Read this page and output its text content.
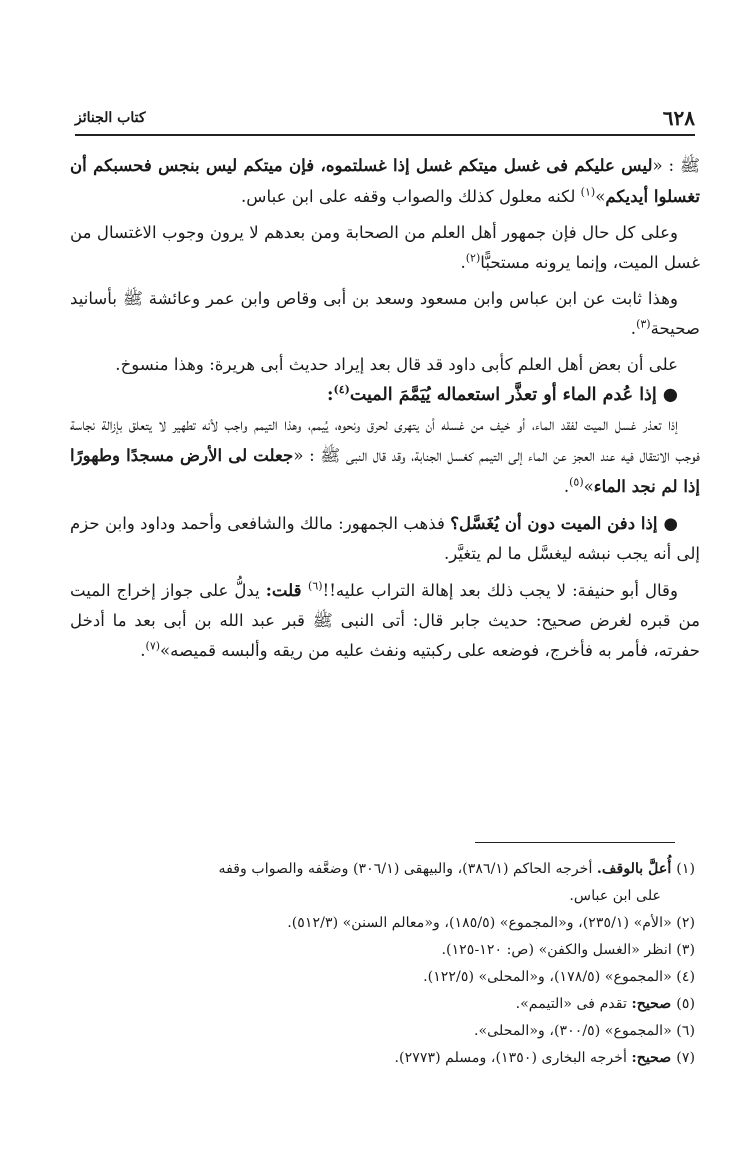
٦٢٨
كتاب الجنائز

ﷺ : «ليس عليكم فى غسل ميتكم غسل إذا غسلتموه، فإن ميتكم ليس بنجس فحسبكم أن تغسلوا أيديكم»$^{(١)}$ لكنه معلول كذلك والصواب وقفه على ابن عباس.

وعلى كل حال فإن جمهور أهل العلم من الصحابة ومن بعدهم لا يرون وجوب الاغتسال من غسل الميت، وإنما يرونه مستحبًّا$^{(٢)}$.

وهذا ثابت عن ابن عباس وابن مسعود وسعد بن أبى وقاص وابن عمر وعائشة ﷺ بأسانيد صحيحة$^{(٣)}$.

على أن بعض أهل العلم كأبى داود قد قال بعد إيراد حديث أبى هريرة: وهذا منسوخ.

●إذا عُدم الماء أو تعذَّر استعماله يُيَمَّمَ الميت$^{(٤)}$:

إذا تعذر غسل الميت لفقد الماء، أو خيف من غسله أن يتهرى لحرق ونحوه، يُيمم، وهذا التيمم واجب لأنه تطهير لا يتعلق بإزالة نجاسة فوجب الانتقال فيه عند العجز عن الماء إلى التيمم كغسل الجنابة، وقد قال النبى ﷺ : «جعلت لى الأرض مسجدًا وطهورًا إذا لم نجد الماء»$^{(٥)}$.

●إذا دفن الميت دون أن يُغَسَّل؟ فذهب الجمهور: مالك والشافعى وأحمد وداود وابن حزم إلى أنه يجب نبشه ليغسَّل ما لم يتغيَّر.

وقال أبو حنيفة: لا يجب ذلك بعد إهالة التراب عليه!!$^{(٦)}$ قلت: يدلُّ على جواز إخراج الميت من قبره لغرض صحيح: حديث جابر قال: أتى النبى ﷺ قبر عبد الله بن أبى بعد ما أدخل حفرته، فأمر به فأخرج، فوضعه على ركبتيه ونفث عليه من ريقه وألبسه قميصه»$^{(٧)}$.

(١) أُعلَّ بالوقف. أخرجه الحاكم (٣٨٦/١)، والبيهقى (٣٠٦/١) وضعَّفه والصواب وقفه
على ابن عباس.
(٢) «الأم» (٢٣٥/١)، و«المجموع» (١٨٥/٥)، و«معالم السنن» (٥١٢/٣).
(٣) انظر «الغسل والكفن» (ص: ١٢٠-١٢٥).
(٤) «المجموع» (١٧٨/٥)، و«المحلى» (١٢٢/٥).
(٥) صحيح: تقدم فى «التيمم».
(٦) «المجموع» (٣٠٠/٥)، و«المحلى».
(٧) صحيح: أخرجه البخارى (١٣٥٠)، ومسلم (٢٧٧٣).
